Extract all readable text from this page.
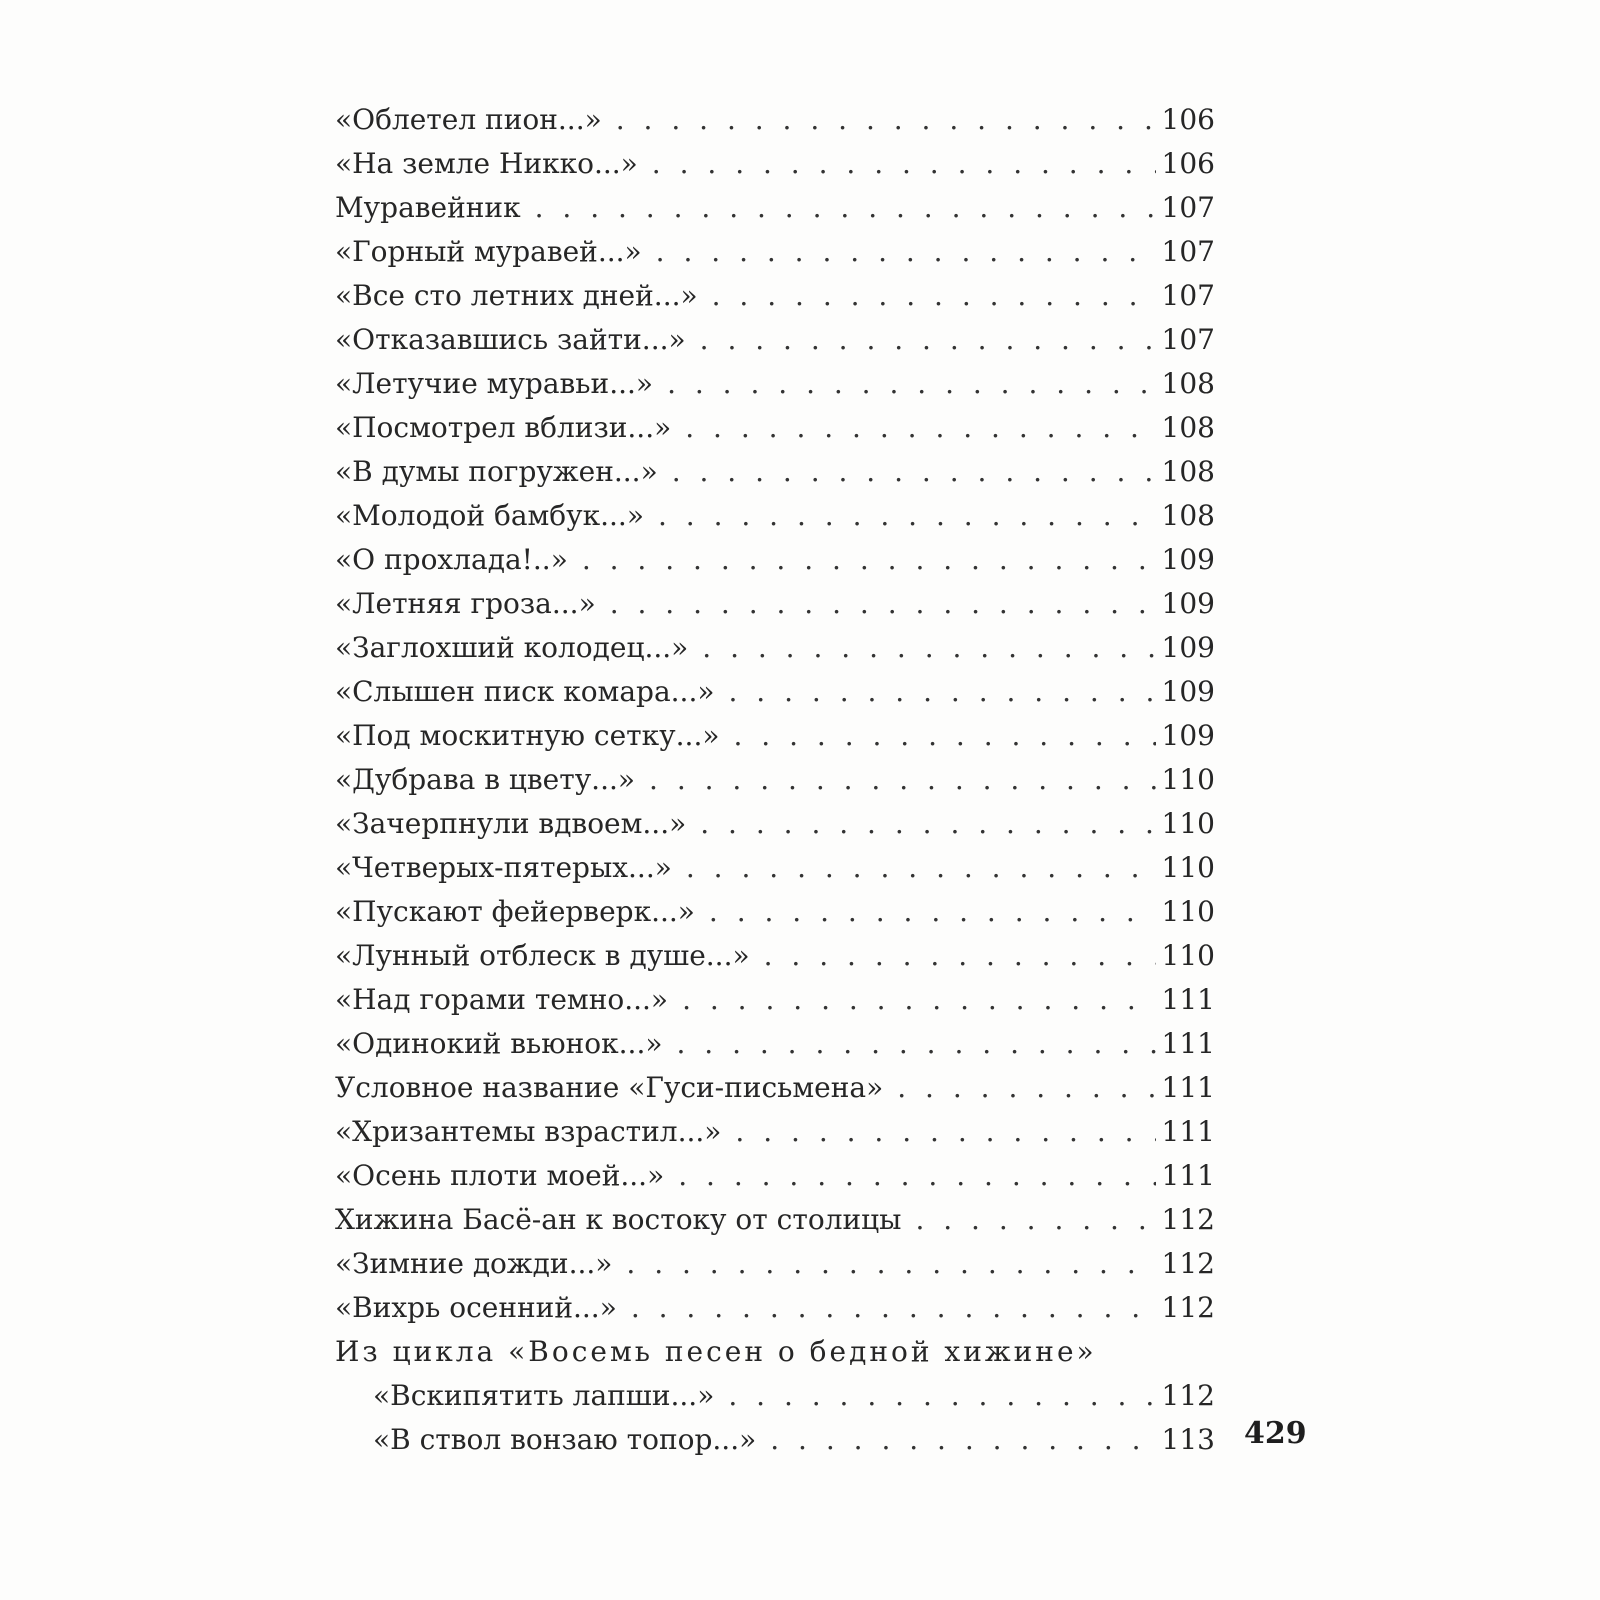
«Облетел пион...» . . .	106
«На земле Никко...» . . .	106
Муравейник . . .	107
«Горный муравей...» . . .	107
«Все сто летних дней...» . . .	107
«Отказавшись зайти...» . . .	107
«Летучие муравьи...» . . .	108
«Посмотрел вблизи...» . . .	108
«В думы погружен...» . . .	108
«Молодой бамбук...» . . .	108
«О прохлада!..» . . .	109
«Летняя гроза...» . . .	109
«Заглохший колодец...» . . .	109
«Слышен писк комара...» . . .	109
«Под москитную сетку...» . . .	109
«Дубрава в цвету...» . . .	110
«Зачерпнули вдвоем...» . . .	110
«Четверых-пятерых...» . . .	110
«Пускают фейерверк...» . . .	110
«Лунный отблеск в душе...» . . .	110
«Над горами темно...» . . .	111
«Одинокий вьюнок...» . . .	111
Условное название «Гуси-письмена» . . .	111
«Хризантемы взрастил...» . . .	111
«Осень плоти моей...» . . .	111
Хижина Басё-ан к востоку от столицы . . .	112
«Зимние дожди...» . . .	112
«Вихрь осенний...» . . .	112
Из цикла «Восемь песен о бедной хижине»
«Вскипятить лапши...» . . .	112
«В ствол вонзаю топор...» . . .	113 429
